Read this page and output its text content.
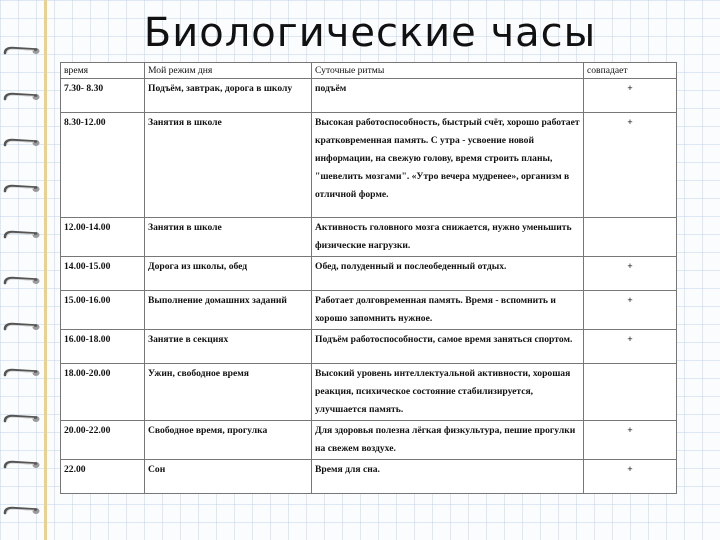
Биологические часы
время	Мой режим дня	Суточные ритмы	совпадает
7.30- 8.30	Подъём, завтрак, дорога в школу	подъём	+
8.30-12.00	Занятия в школе	Высокая работоспособность, быстрый счёт, хорошо работает кратковременная память. С утра - усвоение новой информации, на свежую голову, время строить планы, "шевелить мозгами". «Утро вечера мудренее», организм в отличной форме.	+
12.00-14.00	Занятия в школе	Активность головного мозга снижается, нужно уменьшить физические нагрузки.	
14.00-15.00	Дорога из школы, обед	Обед, полуденный и послеобеденный отдых.	+
15.00-16.00	Выполнение домашних заданий	Работает долговременная память. Время - вспомнить и хорошо запомнить нужное.	+
16.00-18.00	Занятие в секциях	Подъём работоспособности, самое время заняться спортом.	+
18.00-20.00	Ужин, свободное время	Высокий уровень интеллектуальной активности, хорошая реакция, психическое состояние стабилизируется, улучшается память.	
20.00-22.00	Свободное время, прогулка	Для здоровья полезна лёгкая физкультура, пешие прогулки на свежем воздухе.	+
22.00	Сон	Время для сна.	+
